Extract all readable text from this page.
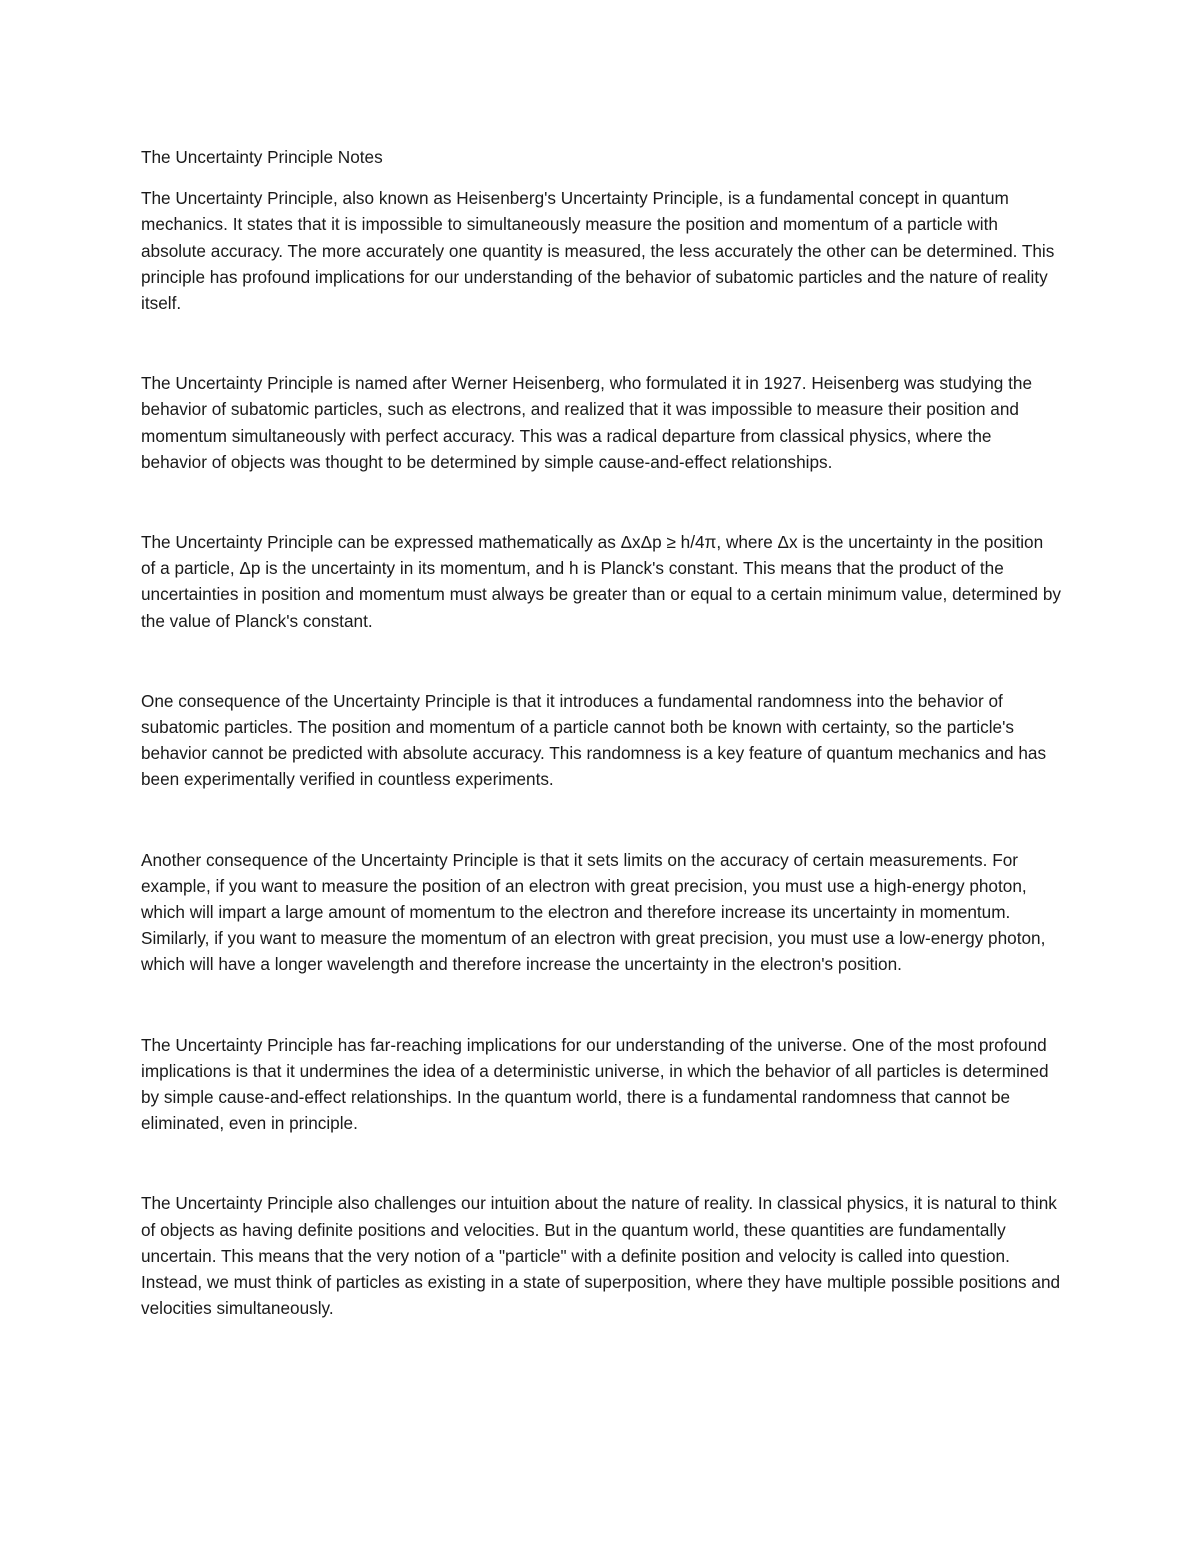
The Uncertainty Principle Notes

The Uncertainty Principle, also known as Heisenberg's Uncertainty Principle, is a fundamental concept in quantum mechanics. It states that it is impossible to simultaneously measure the position and momentum of a particle with absolute accuracy. The more accurately one quantity is measured, the less accurately the other can be determined. This principle has profound implications for our understanding of the behavior of subatomic particles and the nature of reality itself.

The Uncertainty Principle is named after Werner Heisenberg, who formulated it in 1927. Heisenberg was studying the behavior of subatomic particles, such as electrons, and realized that it was impossible to measure their position and momentum simultaneously with perfect accuracy. This was a radical departure from classical physics, where the behavior of objects was thought to be determined by simple cause-and-effect relationships.

The Uncertainty Principle can be expressed mathematically as ΔxΔp ≥ h/4π, where Δx is the uncertainty in the position of a particle, Δp is the uncertainty in its momentum, and h is Planck's constant. This means that the product of the uncertainties in position and momentum must always be greater than or equal to a certain minimum value, determined by the value of Planck's constant.

One consequence of the Uncertainty Principle is that it introduces a fundamental randomness into the behavior of subatomic particles. The position and momentum of a particle cannot both be known with certainty, so the particle's behavior cannot be predicted with absolute accuracy. This randomness is a key feature of quantum mechanics and has been experimentally verified in countless experiments.

Another consequence of the Uncertainty Principle is that it sets limits on the accuracy of certain measurements. For example, if you want to measure the position of an electron with great precision, you must use a high-energy photon, which will impart a large amount of momentum to the electron and therefore increase its uncertainty in momentum. Similarly, if you want to measure the momentum of an electron with great precision, you must use a low-energy photon, which will have a longer wavelength and therefore increase the uncertainty in the electron's position.

The Uncertainty Principle has far-reaching implications for our understanding of the universe. One of the most profound implications is that it undermines the idea of a deterministic universe, in which the behavior of all particles is determined by simple cause-and-effect relationships. In the quantum world, there is a fundamental randomness that cannot be eliminated, even in principle.

The Uncertainty Principle also challenges our intuition about the nature of reality. In classical physics, it is natural to think of objects as having definite positions and velocities. But in the quantum world, these quantities are fundamentally uncertain. This means that the very notion of a "particle" with a definite position and velocity is called into question. Instead, we must think of particles as existing in a state of superposition, where they have multiple possible positions and velocities simultaneously.
